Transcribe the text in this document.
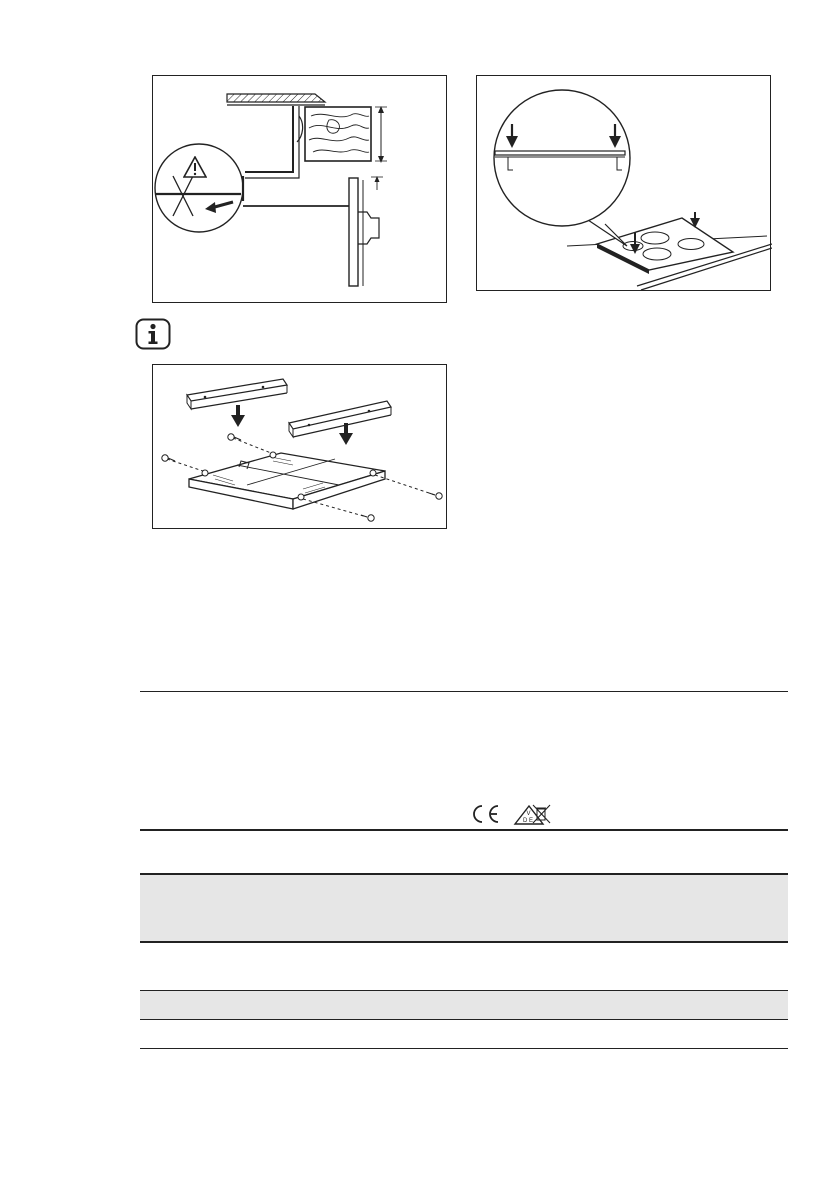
V
D E
